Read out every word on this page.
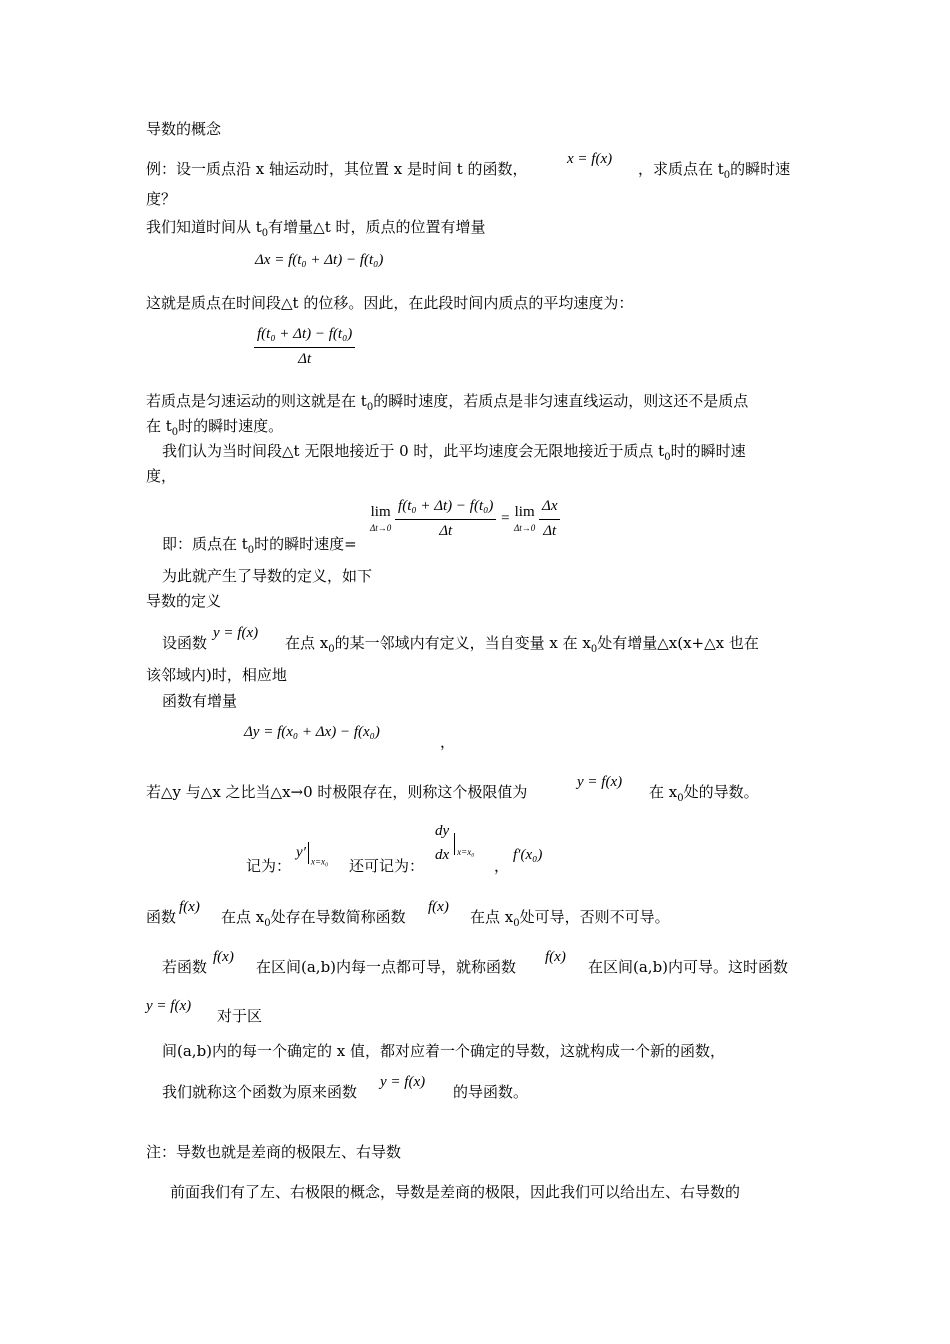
导数的概念
例：设一质点沿 x 轴运动时，其位置 x 是时间 t 的函数，
x = f(x)
，求质点在 $t_0$的瞬时速
度？
我们知道时间从 $t_0$有增量△t 时，质点的位置有增量
Δx = f(t₀ + Δt) − f(t₀)
这就是质点在时间段△t 的位移。因此，在此段时间内质点的平均速度为：
$\frac{\text{f(t₀ + Δt) − f(t₀)}}{\Delta t}$
若质点是匀速运动的则这就是在 $t_0$的瞬时速度，若质点是非匀速直线运动，则这还不是质点
在 $t_0$时的瞬时速度。
我们认为当时间段△t 无限地接近于 0 时，此平均速度会无限地接近于质点 $t_0$时的瞬时速
度，
lim
Δt→0
$\frac{\text{f(t₀ + Δt) − f(t₀)}}{\Delta t} = \lim$
Δt→0
$\frac{\Delta x}{\Delta t}$
即：质点在 $t_0$时的瞬时速度=
为此就产生了导数的定义，如下
导数的定义
设函数
y = f(x)
在点 $x_0$的某一邻域内有定义，当自变量 x 在 $x_0$处有增量△x(x+△x 也在
该邻域内)时，相应地
函数有增量
Δy = f(x₀ + Δx) − f(x₀)
，
若△y 与△x 之比当△x→0 时极限存在，则称这个极限值为
y = f(x)
在 $x_0$处的导数。
记为：
$y'_{x=x_0}$ 还可记为：
dy
dx $_{x=x_0}$
，
f′(x₀)
函数
f(x)
在点 $x_0$处存在导数简称函数
f(x)
在点 $x_0$处可导，否则不可导。
若函数
f(x)
在区间(a,b)内每一点都可导，就称函数
f(x)
在区间(a,b)内可导。这时函数
y = f(x)
对于区
间(a,b)内的每一个确定的 x 值，都对应着一个确定的导数，这就构成一个新的函数，
我们就称这个函数为原来函数
y = f(x)
的导函数。
注：导数也就是差商的极限左、右导数
前面我们有了左、右极限的概念，导数是差商的极限，因此我们可以给出左、右导数的
